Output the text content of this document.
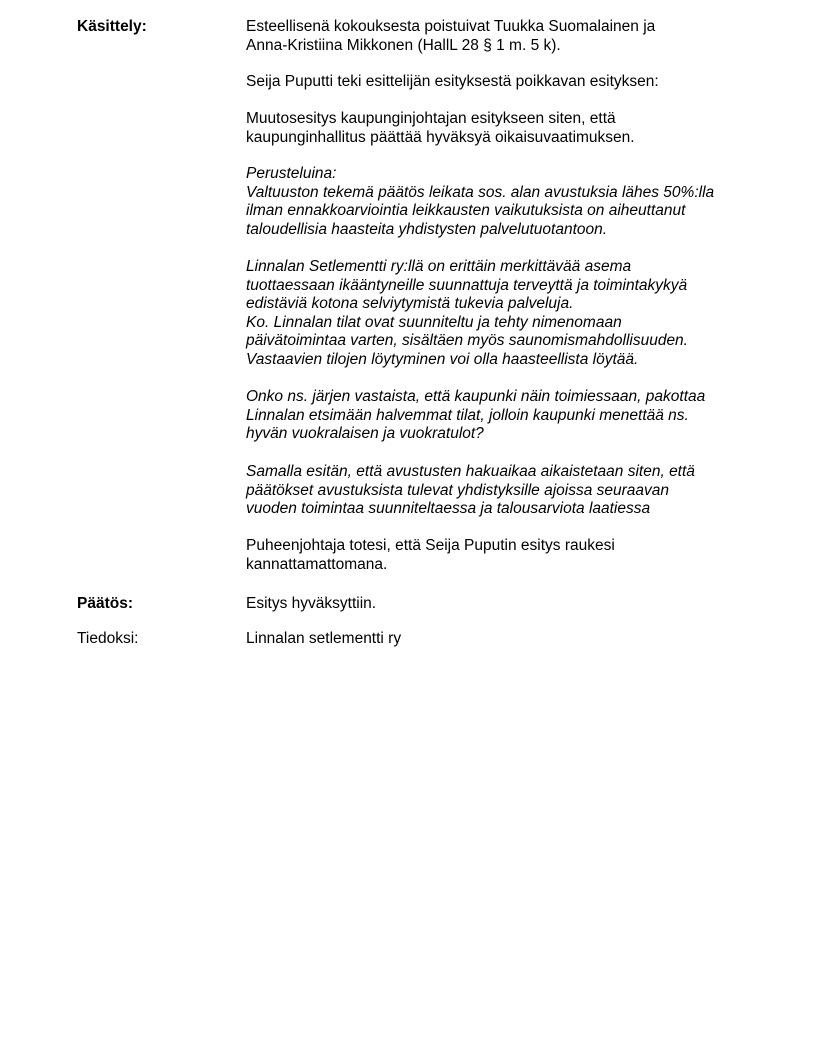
Käsittely:	Esteellisenä kokouksesta poistuivat Tuukka Suomalainen ja
Anna-Kristiina Mikkonen (HallL 28 § 1 m. 5 k).
Seija Puputti teki esittelijän esityksestä poikkavan esityksen:
Muutosesitys kaupunginjohtajan esitykseen siten, että
kaupunginhallitus päättää hyväksyä oikaisuvaatimuksen.
Perusteluina:
Valtuuston tekemä päätös leikata sos. alan avustuksia lähes 50%:lla
ilman ennakkoarviointia leikkausten vaikutuksista on aiheuttanut
taloudellisia haasteita yhdistysten palvelutuotantoon.
Linnalan Setlementti ry:llä on erittäin merkittävää asema
tuottaessaan ikääntyneille suunnattuja terveyttä ja toimintakykyä
edistäviä kotona selviytymistä tukevia palveluja.
Ko. Linnalan tilat ovat suunniteltu ja tehty nimenomaan
päivätoimintaa varten, sisältäen myös saunomismahdollisuuden.
Vastaavien tilojen löytyminen voi olla haasteellista löytää.
Onko ns. järjen vastaista, että kaupunki näin toimiessaan, pakottaa
Linnalan etsimään halvemmat tilat, jolloin kaupunki menettää ns.
hyvän vuokralaisen ja vuokratulot?
Samalla esitän, että avustusten hakuaikaa aikaistetaan siten, että
päätökset avustuksista tulevat yhdistyksille ajoissa seuraavan
vuoden toimintaa suunniteltaessa ja talousarviota laatiessa
Puheenjohtaja totesi, että Seija Puputin esitys raukesi
kannattamattomana.
Päätös:	Esitys hyväksyttiin.
Tiedoksi:	Linnalan setlementti ry
